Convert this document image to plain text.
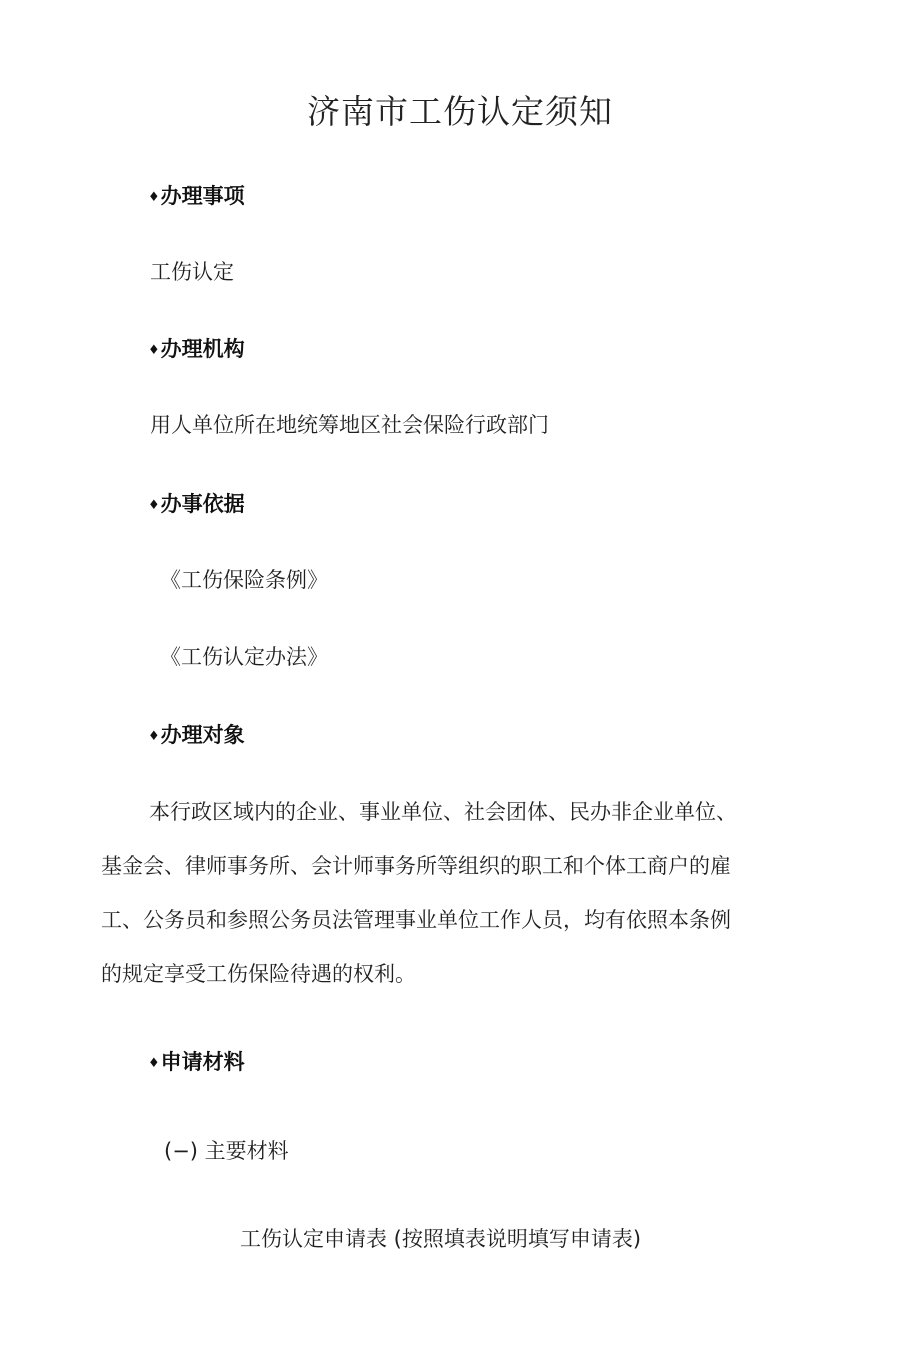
济南市工伤认定须知
♦办理事项
工伤认定
♦办理机构
用人单位所在地统筹地区社会保险行政部门
♦办事依据
《工伤保险条例》
《工伤认定办法》
♦办理对象
本行政区域内的企业、事业单位、社会团体、民办非企业单位、
基金会、律师事务所、会计师事务所等组织的职工和个体工商户的雇
工、公务员和参照公务员法管理事业单位工作人员，均有依照本条例
的规定享受工伤保险待遇的权利。
♦申请材料
(−) 主要材料
工伤认定申请表 (按照填表说明填写申请表)
